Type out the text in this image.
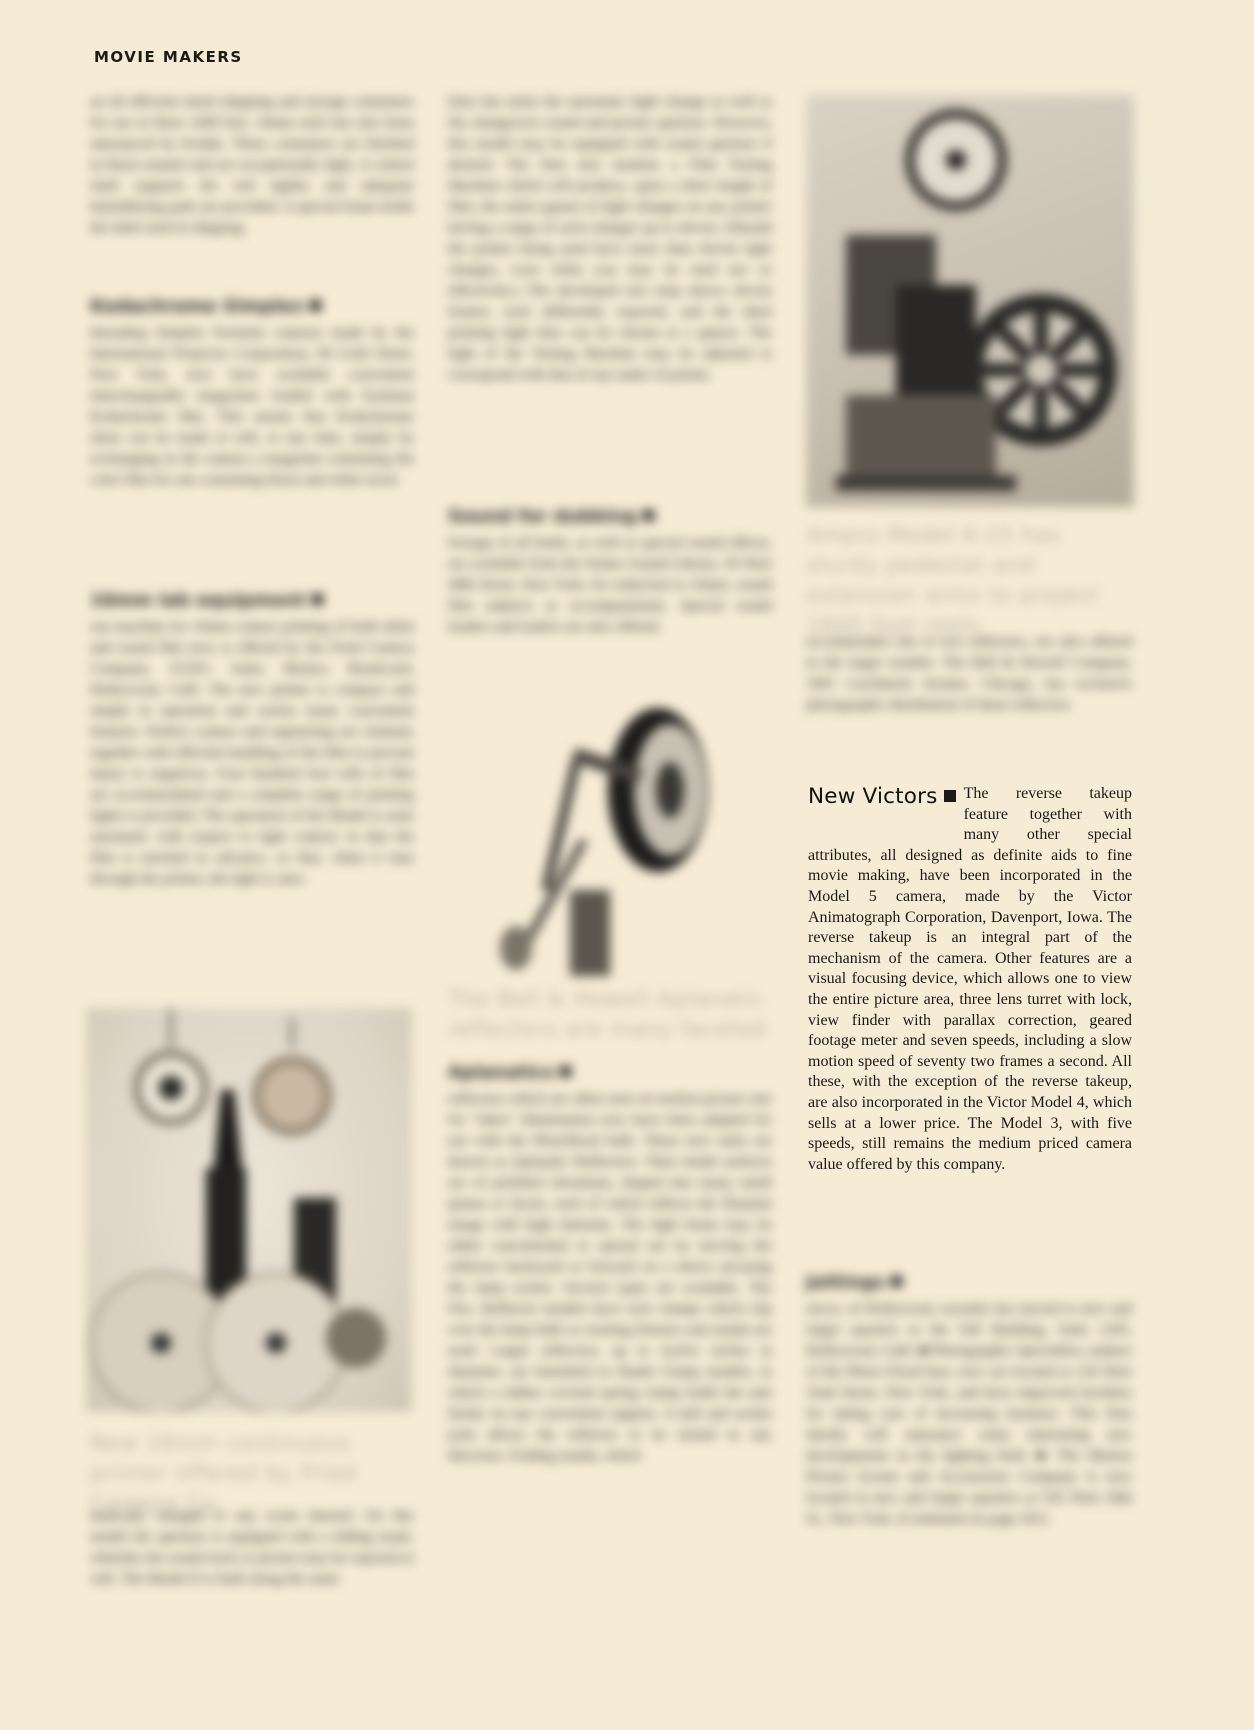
MOVIE MAKERS

an all efficient metal shipping and storage containers for use in these 1600 feet, 16mm reels has also been announced by Kodak. These containers are finished in black enamel and are exceptionally light. A central shaft supports the reel tightly and adequate humidifying pads are provided. A special frame holds the label used in shipping.

Kodachrome Simplex

threading Simplex Pockette cameras made by the International Projector Corporation, 90 Gold Street, New York, now have available convenient interchangeable magazines loaded with Eastman Kodachrome film. This means that Kodachrome shots can be made at will, at any time, simply by exchanging in the camera a magazine containing the color film for one containing black and white stock.

16mm lab equipment

ous machine for 16mm contact printing of both silent and sound film now is offered by the Fried Camera Company, 6154½ Santa Monica Boulevard, Hollywood, Calif. The new printer is compact and simple in operation and carries many convenient features. Perfect contact and registering are claimed, together with efficient handling of the film to prevent injury to negatives. Four hundred foot rolls of film are accommodated and a complete range of printing lights is provided. The operation of the Model is semi automatic with respect to light control, in that the film is notched in advance, so that, when it runs through the printer, the light is auto-

New 16mm continuous printer offered by Fried Camera Co.

matically changed to any scene desired. On this model the aperture is equipped with a sliding mask, whereby the sound track or picture may be exposed at will. The Model II is built along the same

lines but omits the automatic light change as well as the changeover sound and picture aperture. However, this model may be equipped with sound aperture if desired. The firm also markets a Film Testing Machine which will produce, upon a short length of film, the entire gamut of light changes on any printer having a range of such changes up to eleven. (Should the printer being used have more than eleven light changes, even when you may be used not so effectively.) The developed test strip shows eleven frames, each differently exposed, and the ideal printing light thus can be chosen at a glance. The light of the Testing Machine may be adjusted to correspond with that of any make of printer.

Sound for dubbing

footage of all kinds, as well as special sound effects, are available from the Stokes Sound Library, 36 West 48th Street, New York, for reduction to 16mm. sound film subjects as accompaniment. Special sound leaders and trailers are also offered.

The Bell & Howell Aplanatic reflectors are many faceted
Aplanatics

reflectors which are often seen on motion picture sets for "takes" illumination now have been adapted for use with the Photoflood bulb. These new units are known as Aplanatic Reflectors. Their inside surfaces are of polished chromium, shaped into many small planes or facets, each of which reflects the filament image with high intensity. The light beam may be either concentrated or spread out by moving the reflector backward or forward on a sleeve encasing the lamp socket. Several types are available. The Nos. Reflector models have wire clamps which clip over the lamp bulb so existing fixtures and stands are used. Larger reflectors, up to twelve inches in diameter, are furnished in Handi Clamp models, in which a rubber covered spring clamp holds the unit firmly on any convenient support. A ball and socket joint allows the reflector to be turned in any direction. Folding stands, which

Ampro Model K-15 has sturdy pedestal and extension arms to project 1600 foot reels

accommodate one or two reflectors, are also offered in the larger models. The Bell & Howell Company, 1801 Larchmont Avenue, Chicago, has exclusive photographic distribution of these reflectors.

New Victors	The reverse takeup feature together with many other special attributes, all designed as definite aids to fine movie making, have been incorporated in the Model 5 camera, made by the Victor Animatograph Corporation, Davenport, Iowa. The reverse takeup is an integral part of the mechanism of the camera. Other features are a visual focusing device, which allows one to view the entire picture area, three lens turret with lock, view finder with parallax correction, geared footage meter and seven speeds, including a slow motion speed of seventy two frames a second. All these, with the exception of the reverse takeup, are also incorporated in the Victor Model 4, which sells at a lower price. The Model 3, with five speeds, still remains the medium priced camera value offered by this company.

Jottings

ences, of Hollywood, recently has moved to new and larger quarters in the Taft Building, Suite 1205, Hollywood, Calif. ■ Photographic Specialties, makers of the Photo Flood bars, now are located at 120 West 32nd Street, New York, and have improved facilities for taking care of increasing business. This firm shortly will announce some interesting new developments in the lighting field. ■ The Motion Picture Screen and Accessories Company is now located in new and larger quarters at 526 West 26th St., New York. (Continued on page 301)
